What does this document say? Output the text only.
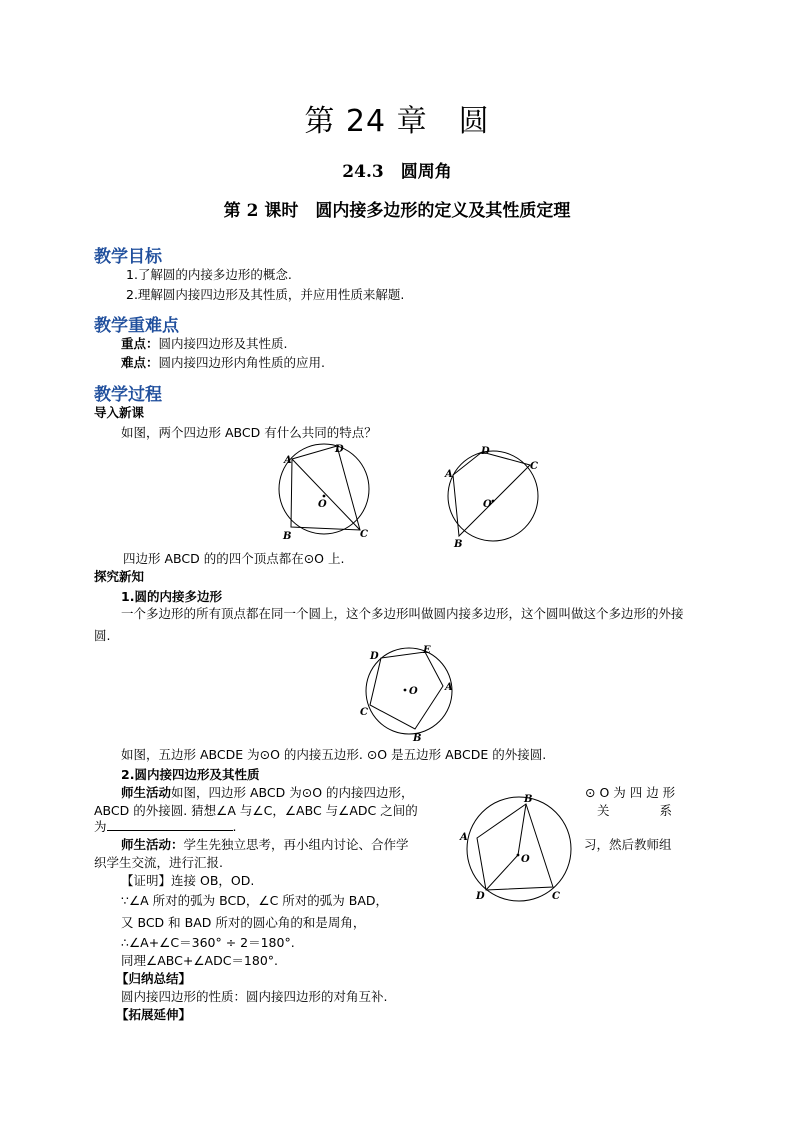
第 24 章　圆
24.3　圆周角
第 2 课时　圆内接多边形的定义及其性质定理
教学目标
1.了解圆的内接多边形的概念.
2.理解圆内接四边形及其性质，并应用性质来解题.
教学重难点
重点：圆内接四边形及其性质.
难点：圆内接四边形内角性质的应用.
教学过程
导入新课
如图，两个四边形 ABCD 有什么共同的特点？
A
B	C
D
O
A
B
C
D
O
四边形 ABCD 的的四个顶点都在⊙O 上.
探究新知
1.圆的内接多边形
一个多边形的所有顶点都在同一个圆上，这个多边形叫做圆内接多边形，这个圆叫做这个多边形的外接圆.
A
B
C
D
E
O
如图，五边形 ABCDE 为⊙O 的内接五边形. ⊙O 是五边形 ABCDE 的外接圆.
2.圆内接四边形及其性质
师生活动如图，四边形 ABCD 为⊙O 的内接四边形，	⊙ O 为 四 边 形
ABCD 的外接圆. 猜想∠A 与∠C，∠ABC 与∠ADC 之间的	关　　　　系
为	.
师生活动：学生先独立思考，再小组内讨论、合作学	习，然后教师组
织学生交流，进行汇报.
A
B
C
D
O
【证明】连接 OB，OD.
∵∠A 所对的弧为 BCD，∠C 所对的弧为 BAD，
又 BCD 和 BAD 所对的圆心角的和是周角，
∴∠A+∠C＝360° ÷ 2＝180°.
同理∠ABC+∠ADC＝180°.
【归纳总结】
圆内接四边形的性质：圆内接四边形的对角互补.
【拓展延伸】
